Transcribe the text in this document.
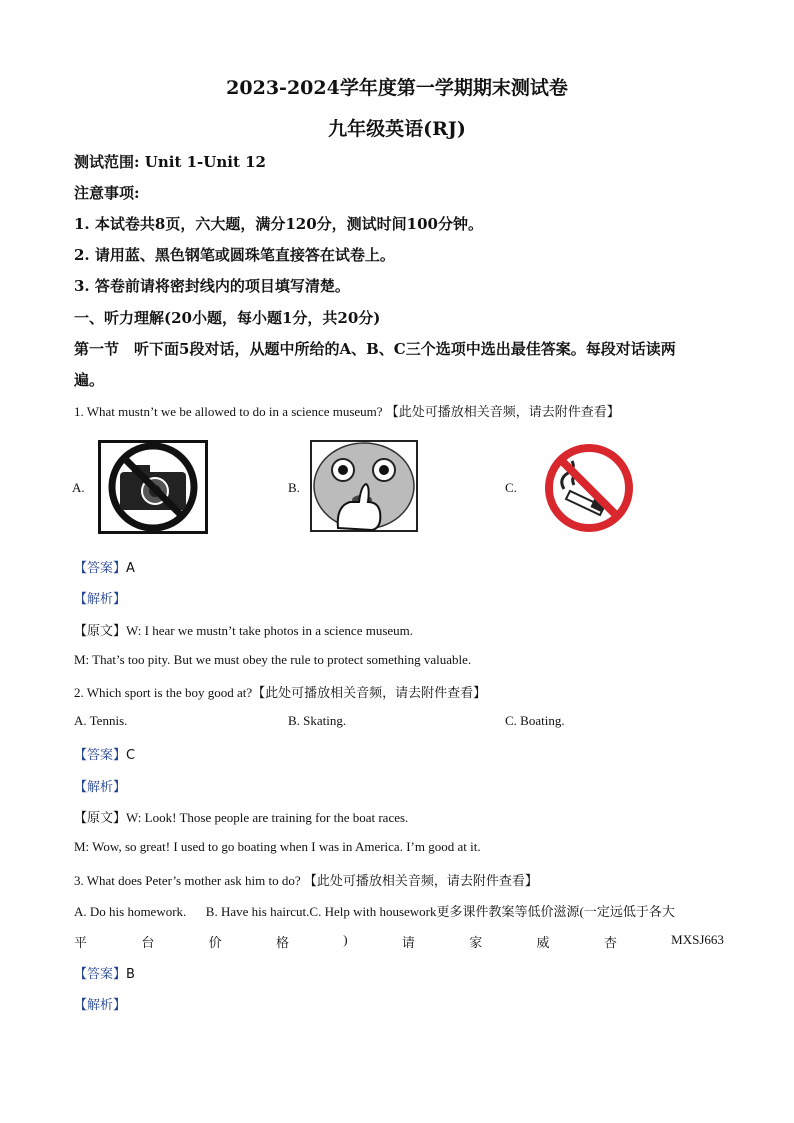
2023-2024学年度第一学期期末测试卷
九年级英语(RJ)
测试范围: Unit 1-Unit 12
注意事项:
1. 本试卷共8页，六大题，满分120分，测试时间100分钟。
2. 请用蓝、黑色钢笔或圆珠笔直接答在试卷上。
3. 答卷前请将密封线内的项目填写清楚。
一、听力理解(20小题，每小题1分，共20分)
第一节　听下面5段对话，从题中所给的A、B、C三个选项中选出最佳答案。每段对话读两
遍。
1. What mustn’t we be allowed to do in a science museum? 【此处可播放相关音频，请去附件查看】
A.	B.	C.
【答案】A
【解析】
【原文】W: I hear we mustn’t take photos in a science museum.
M: That’s too pity. But we must obey the rule to protect something valuable.
2. Which sport is the boy good at?【此处可播放相关音频，请去附件查看】
A. Tennis.	B. Skating.	C. Boating.
【答案】C
【解析】
【原文】W: Look! Those people are training for the boat races.
M: Wow, so great! I used to go boating when I was in America. I’m good at it.
3. What does Peter’s mother ask him to do? 【此处可播放相关音频，请去附件查看】
A. Do his homework.      B. Have his haircut.C. Help with housework更多课件教案等低价滋源(一定远低于各大
平	台	价	格	)	请	家	威	杏	MXSJ663
【答案】B
【解析】
